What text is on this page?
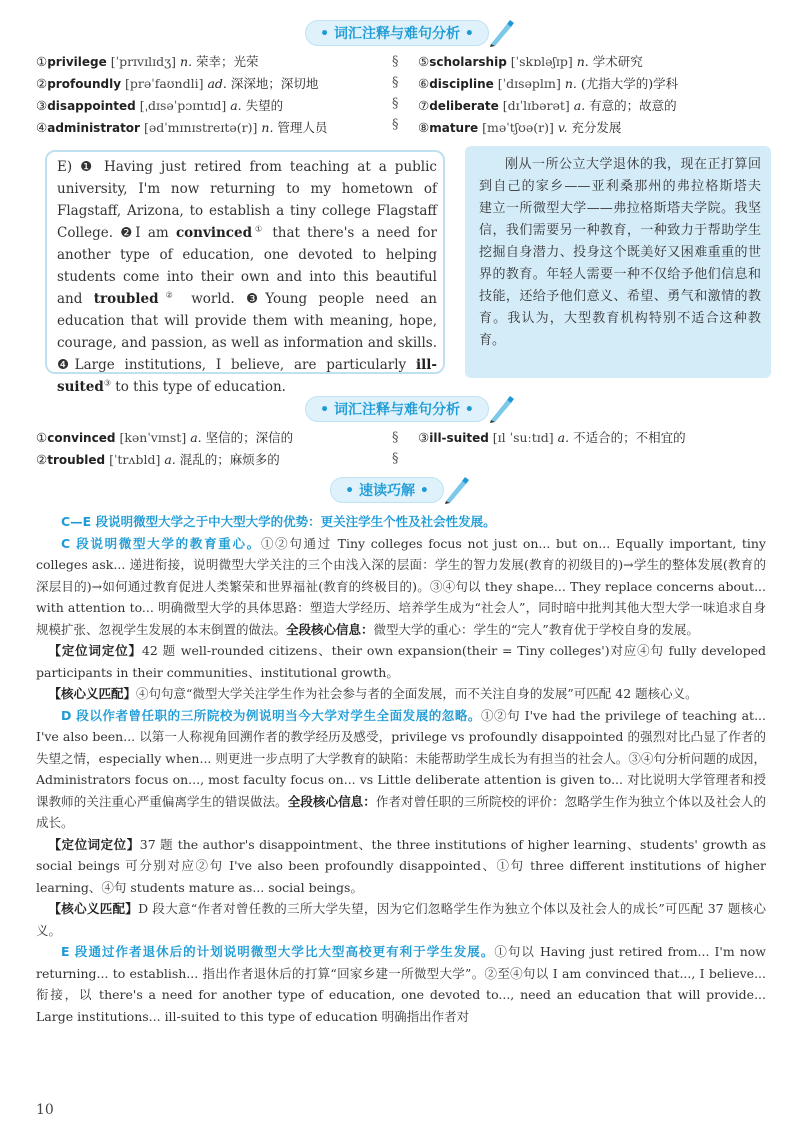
• 词汇注释与难句分析 •
①privilege [ˈprɪvɪlɪdʒ] n. 荣幸；光荣
②profoundly [prəˈfaʊndli] ad. 深深地；深切地
③disappointed [ˌdɪsəˈpɔɪntɪd] a. 失望的
④administrator [ədˈmɪnɪstreɪtə(r)] n. 管理人员
§
§
§
§
⑤scholarship [ˈskɒləʃɪp] n. 学术研究
⑥discipline [ˈdɪsəplɪn] n. (尤指大学的)学科
⑦deliberate [dɪˈlɪbərət] a. 有意的；故意的
⑧mature [məˈtʃʊə(r)] v. 充分发展

E) ❶ Having just retired from teaching at a public university, I'm now returning to my hometown of Flagstaff, Arizona, to establish a tiny college Flagstaff College. ❷I am convinced① that there's a need for another type of education, one devoted to helping students come into their own and into this beautiful and troubled② world. ❸Young people need an education that will provide them with meaning, hope, courage, and passion, as well as information and skills. ❹Large institutions, I believe, are particularly ill-suited③ to this type of education.

刚从一所公立大学退休的我，现在正打算回到自己的家乡——亚利桑那州的弗拉格斯塔夫　建立一所微型大学——弗拉格斯塔夫学院。我坚信，我们需要另一种教育，一种致力于帮助学生挖掘自身潜力、投身这个既美好又困难重重的世界的教育。年轻人需要一种不仅给予他们信息和技能，还给予他们意义、希望、勇气和激情的教育。我认为，大型教育机构特别不适合这种教育。
• 词汇注释与难句分析 •
①convinced [kənˈvɪnst] a. 坚信的；深信的
②troubled [ˈtrʌbld] a. 混乱的；麻烦多的
§
§
③ill-suited [ɪl ˈsuːtɪd] a. 不适合的；不相宜的
• 速读巧解 •

C—E 段说明微型大学之于中大型大学的优势：更关注学生个性及社会性发展。

C 段说明微型大学的教育重心。①②句通过 Tiny colleges focus not just on... but on... Equally important, tiny colleges ask... 递进衔接，说明微型大学关注的三个由浅入深的层面：学生的智力发展(教育的初级目的)→学生的整体发展(教育的深层目的)→如何通过教育促进人类繁荣和世界福祉(教育的终极目的)。③④句以 they shape... They replace concerns about... with attention to... 明确微型大学的具体思路：塑造大学经历、培养学生成为“社会人”，同时暗中批判其他大型大学一味追求自身规模扩张、忽视学生发展的本末倒置的做法。全段核心信息：微型大学的重心：学生的“完人”教育优于学校自身的发展。

【定位词定位】42 题 well-rounded citizens、their own expansion(their = Tiny colleges')对应④句 fully developed participants in their communities、institutional growth。

【核心义匹配】④句句意“微型大学关注学生作为社会参与者的全面发展，而不关注自身的发展”可匹配 42 题核心义。

D 段以作者曾任职的三所院校为例说明当今大学对学生全面发展的忽略。①②句 I've had the privilege of teaching at... I've also been... 以第一人称视角回溯作者的教学经历及感受，privilege vs profoundly disappointed 的强烈对比凸显了作者的失望之情，especially when... 则更进一步点明了大学教育的缺陷：未能帮助学生成长为有担当的社会人。③④句分析问题的成因，Administrators focus on..., most faculty focus on... vs Little deliberate attention is given to... 对比说明大学管理者和授课教师的关注重心严重偏离学生的错误做法。全段核心信息：作者对曾任职的三所院校的评价：忽略学生作为独立个体以及社会人的成长。

【定位词定位】37 题 the author's disappointment、the three institutions of higher learning、students' growth as social beings 可分别对应②句 I've also been profoundly disappointed、①句 three different institutions of higher learning、④句 students mature as... social beings。

【核心义匹配】D 段大意“作者对曾任教的三所大学失望，因为它们忽略学生作为独立个体以及社会人的成长”可匹配 37 题核心义。

E 段通过作者退休后的计划说明微型大学比大型高校更有利于学生发展。①句以 Having just retired from... I'm now returning... to establish... 指出作者退休后的打算“回家乡建一所微型大学”。②至④句以 I am convinced that..., I believe... 衔接，以 there's a need for another type of education, one devoted to..., need an education that will provide... Large institutions... ill-suited to this type of education 明确指出作者对

10
